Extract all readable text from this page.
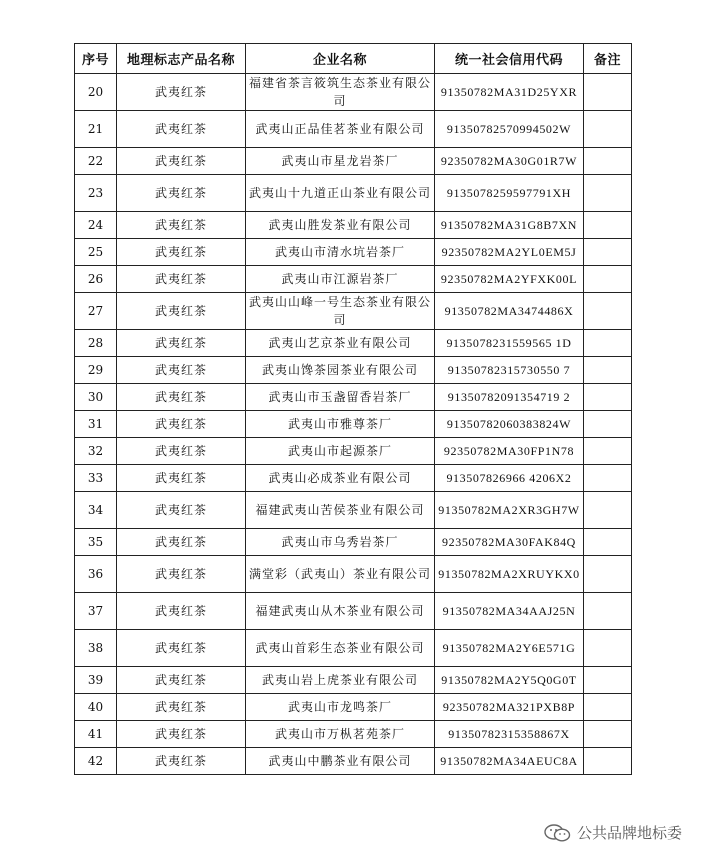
序号	地理标志产品名称	企业名称	统一社会信用代码	备注
20	武夷红茶	福建省茶言筱筑生态茶业有限公司	91350782MA31D25YXR	
21	武夷红茶	武夷山正品佳茗茶业有限公司	91350782570994502W	
22	武夷红茶	武夷山市星龙岩茶厂	92350782MA30G01R7W	
23	武夷红茶	武夷山十九道正山茶业有限公司	9135078259597791XH	
24	武夷红茶	武夷山胜发茶业有限公司	91350782MA31G8B7XN	
25	武夷红茶	武夷山市清水坑岩茶厂	92350782MA2YL0EM5J	
26	武夷红茶	武夷山市江源岩茶厂	92350782MA2YFXK00L	
27	武夷红茶	武夷山山峰一号生态茶业有限公司	91350782MA3474486X	
28	武夷红茶	武夷山艺京茶业有限公司	9135078231559565 1D	
29	武夷红茶	武夷山馋茶园茶业有限公司	91350782315730550 7	
30	武夷红茶	武夷山市玉盏留香岩茶厂	91350782091354719 2	
31	武夷红茶	武夷山市雅尊茶厂	91350782060383824W	
32	武夷红茶	武夷山市起源茶厂	92350782MA30FP1N78	
33	武夷红茶	武夷山必成茶业有限公司	913507826966 4206X2	
34	武夷红茶	福建武夷山苦侯茶业有限公司	91350782MA2XR3GH7W	
35	武夷红茶	武夷山市乌秀岩茶厂	92350782MA30FAK84Q	
36	武夷红茶	满堂彩（武夷山）茶业有限公司	91350782MA2XRUYKX0	
37	武夷红茶	福建武夷山从木茶业有限公司	91350782MA34AAJ25N	
38	武夷红茶	武夷山首彩生态茶业有限公司	91350782MA2Y6E571G	
39	武夷红茶	武夷山岩上虎茶业有限公司	91350782MA2Y5Q0G0T	
40	武夷红茶	武夷山市龙鸣茶厂	92350782MA321PXB8P	
41	武夷红茶	武夷山市万枞茗苑茶厂	91350782315358867X	
42	武夷红茶	武夷山中鹏茶业有限公司	91350782MA34AEUC8A	
公共品牌地标委
